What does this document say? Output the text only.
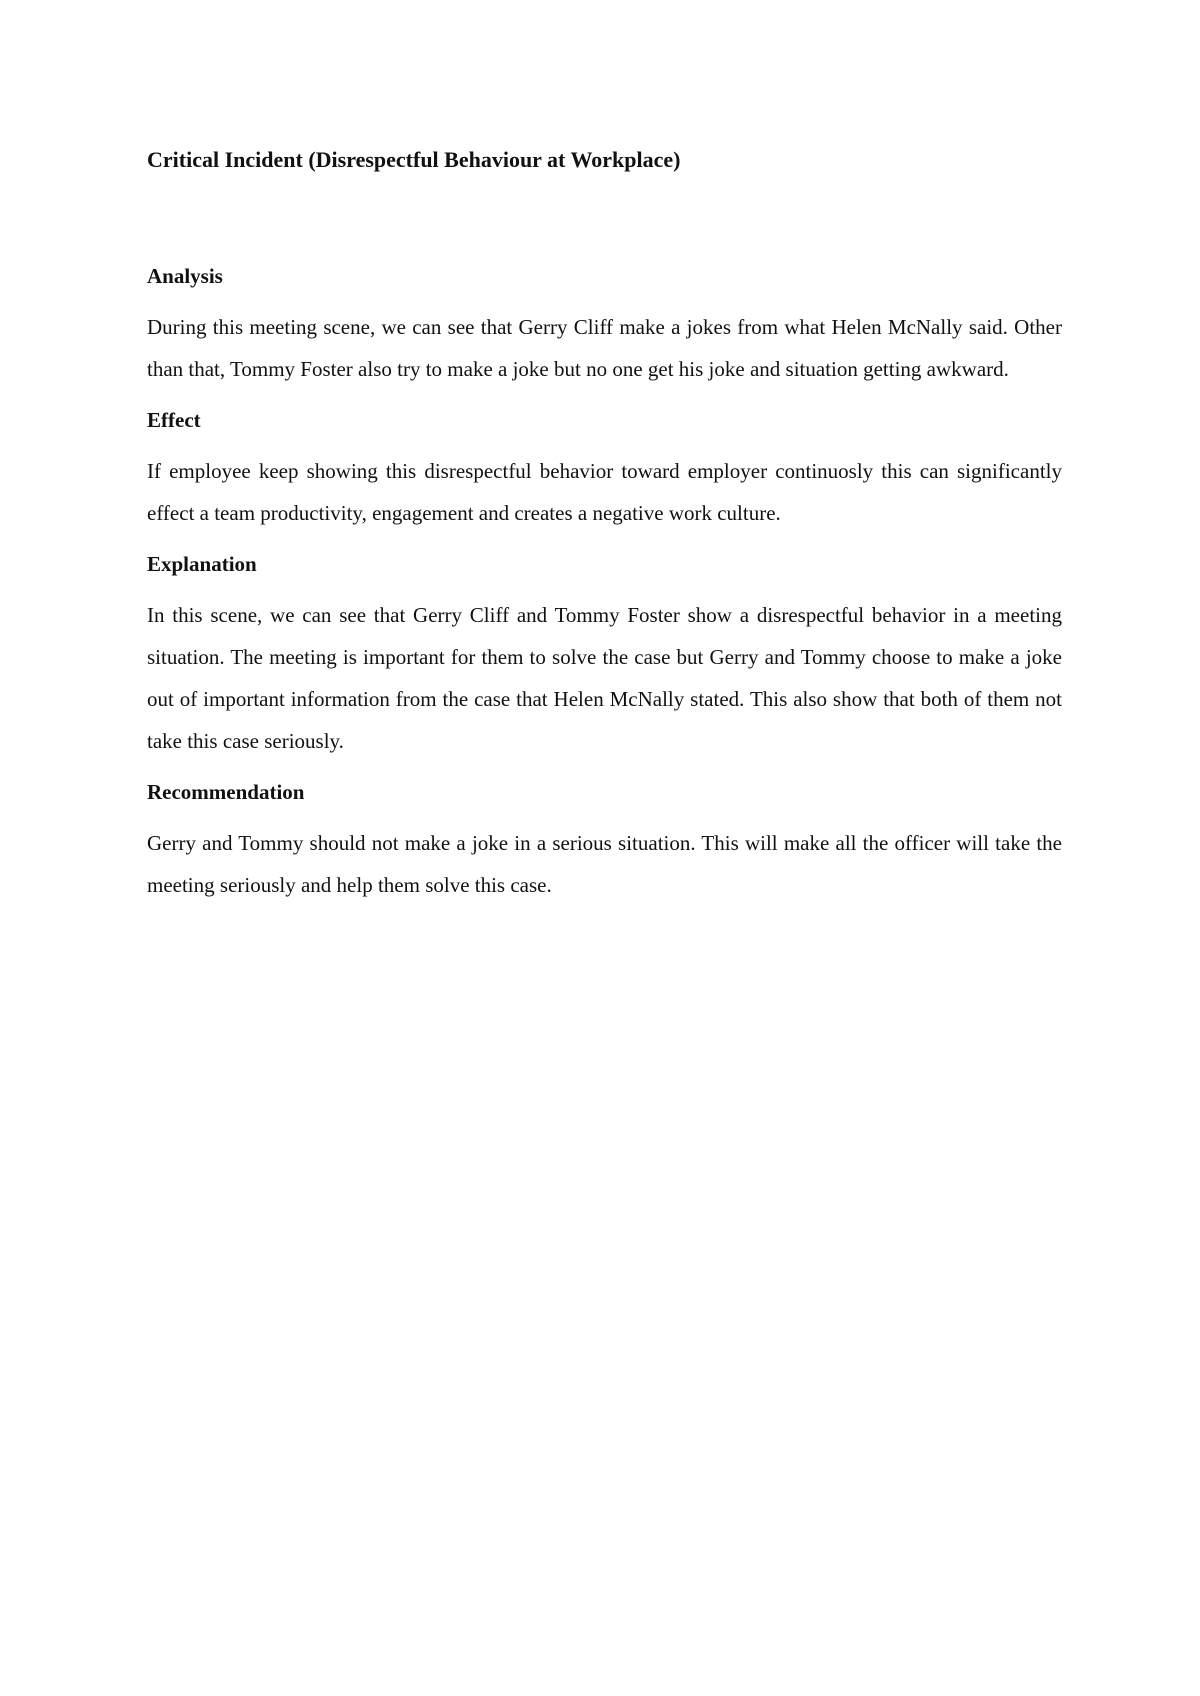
Critical Incident (Disrespectful Behaviour at Workplace)
Analysis
During this meeting scene, we can see that Gerry Cliff make a jokes from what Helen McNally said. Other than that, Tommy Foster also try to make a joke but no one get his joke and situation getting awkward.
Effect
If employee keep showing this disrespectful behavior toward employer continuosly this can significantly effect a team productivity, engagement and creates a negative work culture.
Explanation
In this scene, we can see that Gerry Cliff and Tommy Foster show a disrespectful behavior in a meeting situation. The meeting is important for them to solve the case but Gerry and Tommy choose to make a joke out of important information from the case that Helen McNally stated. This also show that both of them not take this case seriously.
Recommendation
Gerry and Tommy should not make a joke in a serious situation. This will make all the officer will take the meeting seriously and help them solve this case.
